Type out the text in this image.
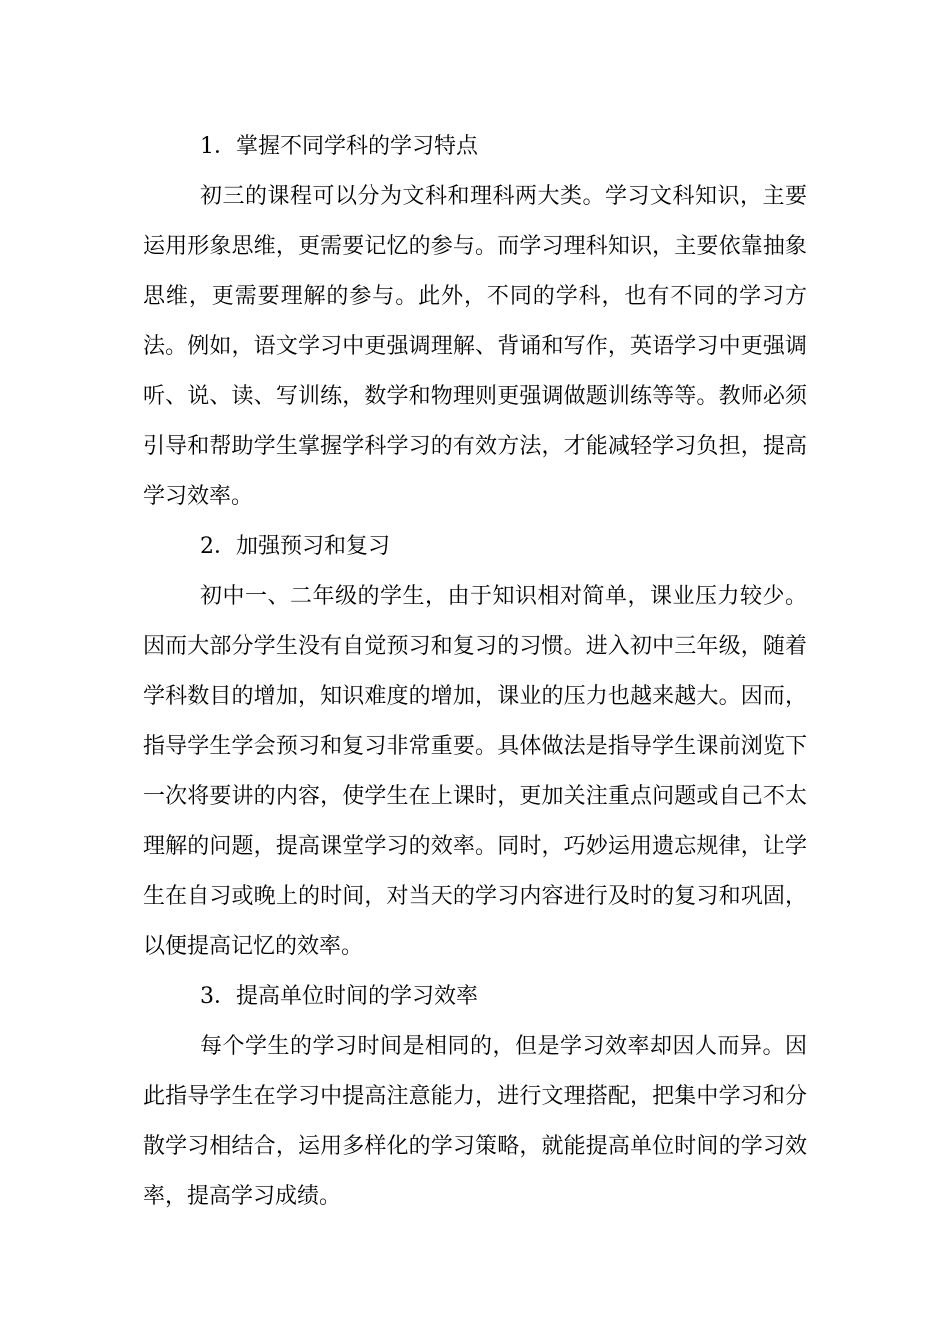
1．掌握不同学科的学习特点

初三的课程可以分为文科和理科两大类。学习文科知识，主要运用形象思维，更需要记忆的参与。而学习理科知识，主要依靠抽象思维，更需要理解的参与。此外，不同的学科，也有不同的学习方法。例如，语文学习中更强调理解、背诵和写作，英语学习中更强调听、说、读、写训练，数学和物理则更强调做题训练等等。教师必须引导和帮助学生掌握学科学习的有效方法，才能减轻学习负担，提高学习效率。

2．加强预习和复习

初中一、二年级的学生，由于知识相对简单，课业压力较少。因而大部分学生没有自觉预习和复习的习惯。进入初中三年级，随着学科数目的增加，知识难度的增加，课业的压力也越来越大。因而，指导学生学会预习和复习非常重要。具体做法是指导学生课前浏览下一次将要讲的内容，使学生在上课时，更加关注重点问题或自己不太理解的问题，提高课堂学习的效率。同时，巧妙运用遗忘规律，让学生在自习或晚上的时间，对当天的学习内容进行及时的复习和巩固，以便提高记忆的效率。

3．提高单位时间的学习效率

每个学生的学习时间是相同的，但是学习效率却因人而异。因此指导学生在学习中提高注意能力，进行文理搭配，把集中学习和分散学习相结合，运用多样化的学习策略，就能提高单位时间的学习效率，提高学习成绩。
